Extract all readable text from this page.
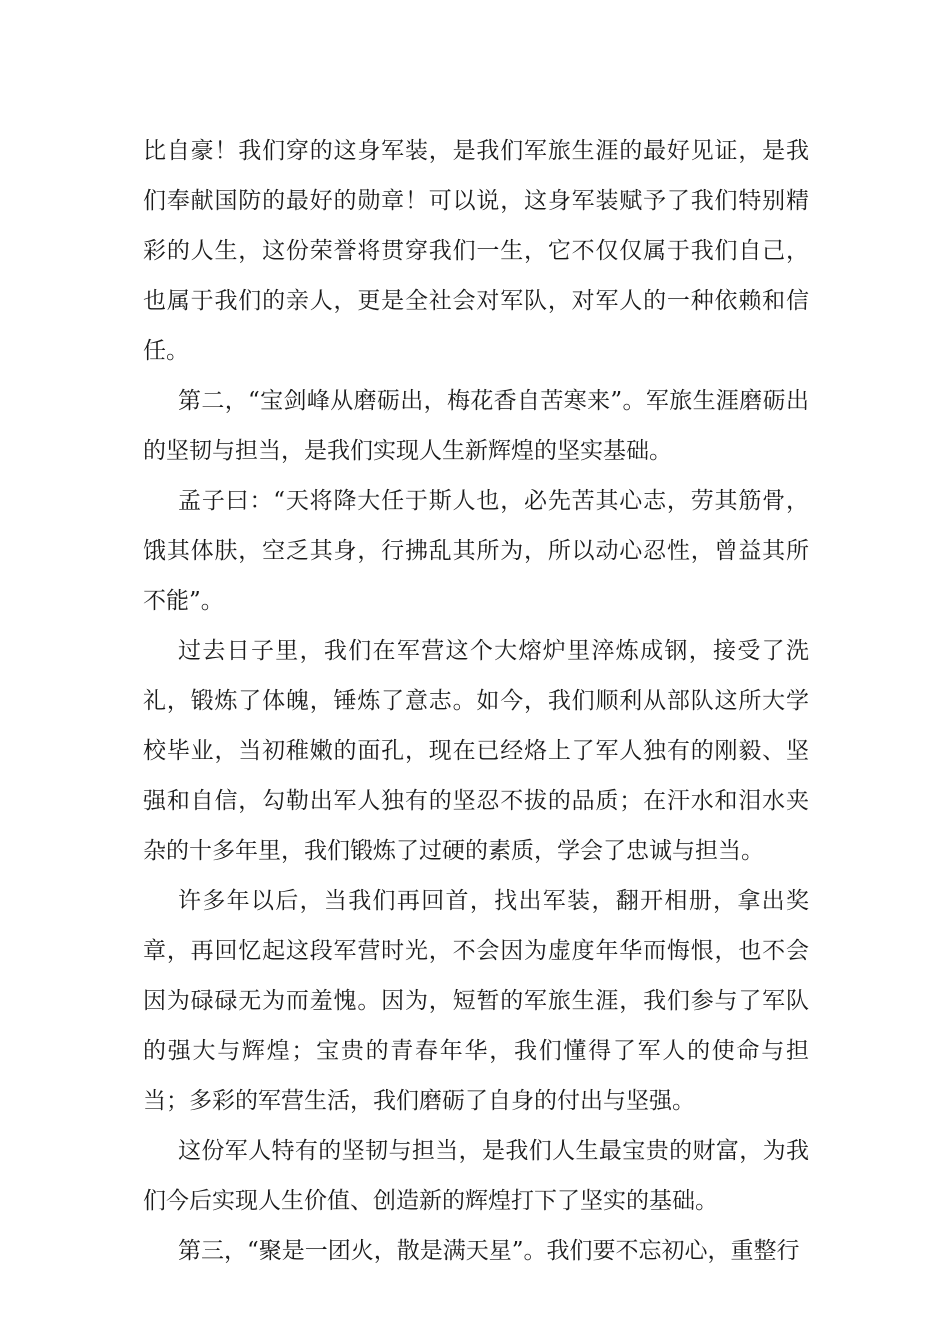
比自豪！我们穿的这身军装，是我们军旅生涯的最好见证，是我们奉献国防的最好的勋章！可以说，这身军装赋予了我们特别精彩的人生，这份荣誉将贯穿我们一生，它不仅仅属于我们自己，也属于我们的亲人，更是全社会对军队，对军人的一种依赖和信任。

第二，“宝剑峰从磨砺出，梅花香自苦寒来”。军旅生涯磨砺出的坚韧与担当，是我们实现人生新辉煌的坚实基础。

孟子曰：“天将降大任于斯人也，必先苦其心志，劳其筋骨，饿其体肤，空乏其身，行拂乱其所为，所以动心忍性，曾益其所不能”。

过去日子里，我们在军营这个大熔炉里淬炼成钢，接受了洗礼，锻炼了体魄，锤炼了意志。如今，我们顺利从部队这所大学校毕业，当初稚嫩的面孔，现在已经烙上了军人独有的刚毅、坚强和自信，勾勒出军人独有的坚忍不拔的品质；在汗水和泪水夹杂的十多年里，我们锻炼了过硬的素质，学会了忠诚与担当。

许多年以后，当我们再回首，找出军装，翻开相册，拿出奖章，再回忆起这段军营时光，不会因为虚度年华而悔恨，也不会因为碌碌无为而羞愧。因为，短暂的军旅生涯，我们参与了军队的强大与辉煌；宝贵的青春年华，我们懂得了军人的使命与担当；多彩的军营生活，我们磨砺了自身的付出与坚强。

这份军人特有的坚韧与担当，是我们人生最宝贵的财富，为我们今后实现人生价值、创造新的辉煌打下了坚实的基础。

第三，“聚是一团火，散是满天星”。我们要不忘初心，重整行
